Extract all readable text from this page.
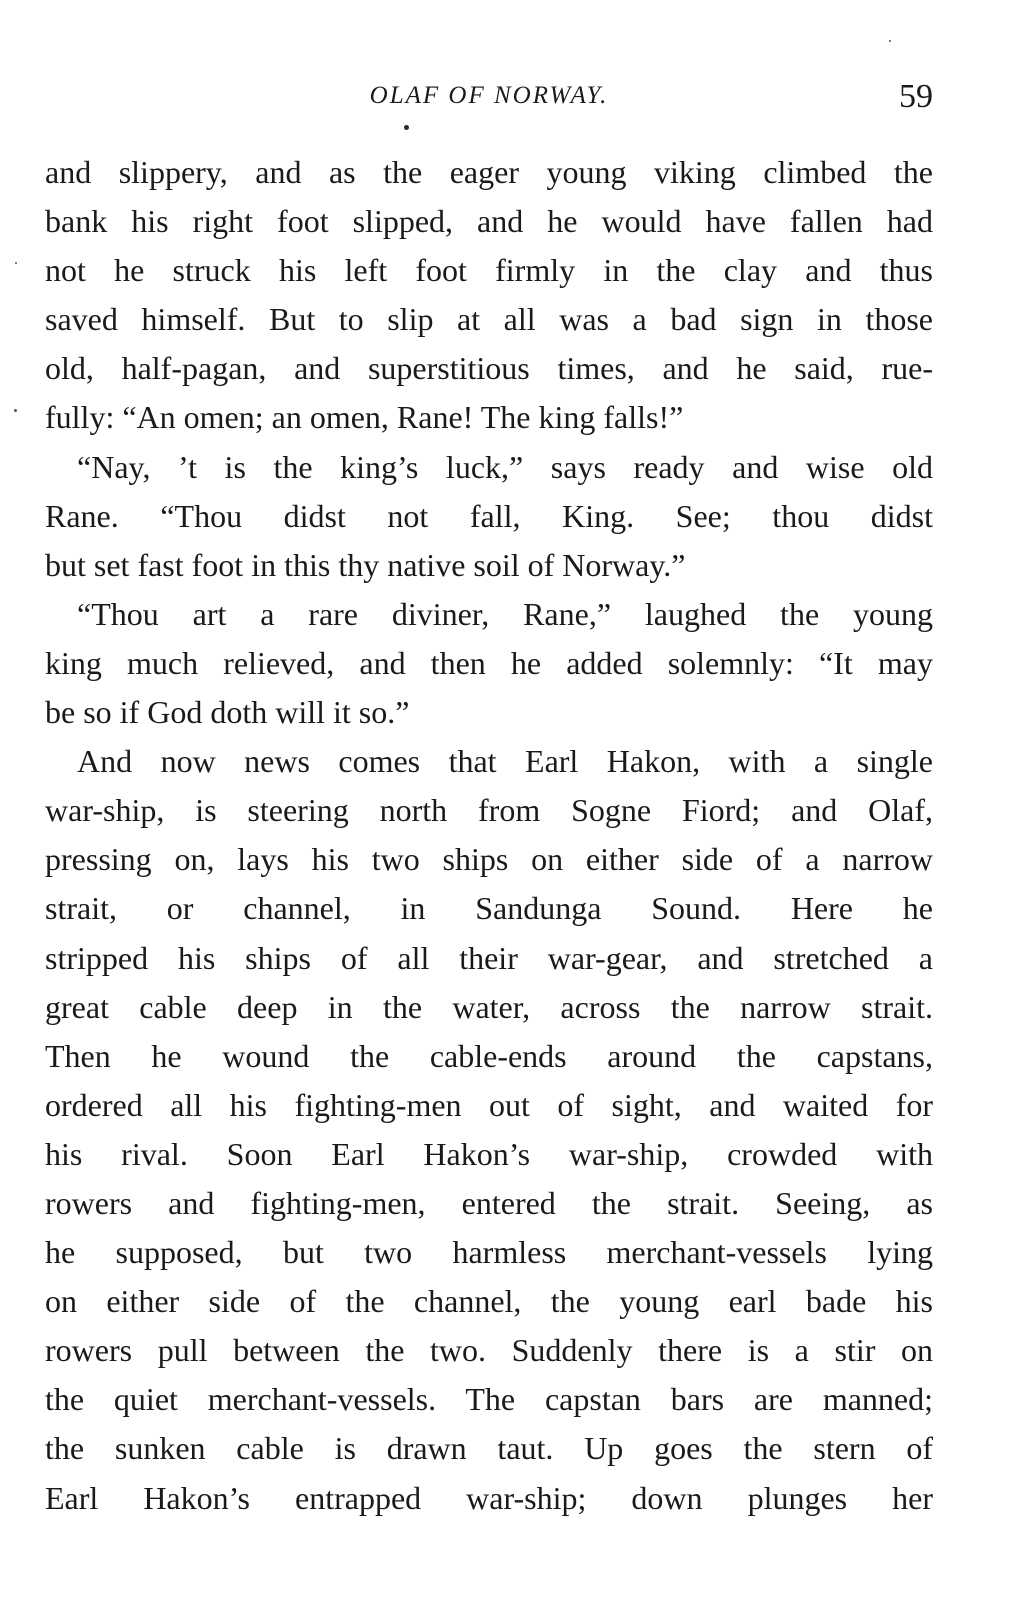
OLAF OF NORWAY.	59
and slippery, and as the eager young viking climbed the
bank his right foot slipped, and he would have fallen had
not he struck his left foot firmly in the clay and thus
saved himself. But to slip at all was a bad sign in those
old, half-pagan, and superstitious times, and he said, rue-
fully: “An omen; an omen, Rane! The king falls!”
“Nay, ’t is the king’s luck,” says ready and wise old
Rane. “Thou didst not fall, King. See; thou didst
but set fast foot in this thy native soil of Norway.”
“Thou art a rare diviner, Rane,” laughed the young
king much relieved, and then he added solemnly: “It may
be so if God doth will it so.”
And now news comes that Earl Hakon, with a single
war-ship, is steering north from Sogne Fiord; and Olaf,
pressing on, lays his two ships on either side of a narrow
strait, or channel, in Sandunga Sound. Here he
stripped his ships of all their war-gear, and stretched a
great cable deep in the water, across the narrow strait.
Then he wound the cable-ends around the capstans,
ordered all his fighting-men out of sight, and waited for
his rival. Soon Earl Hakon’s war-ship, crowded with
rowers and fighting-men, entered the strait. Seeing, as
he supposed, but two harmless merchant-vessels lying
on either side of the channel, the young earl bade his
rowers pull between the two. Suddenly there is a stir on
the quiet merchant-vessels. The capstan bars are manned;
the sunken cable is drawn taut. Up goes the stern of
Earl Hakon’s entrapped war-ship; down plunges her
